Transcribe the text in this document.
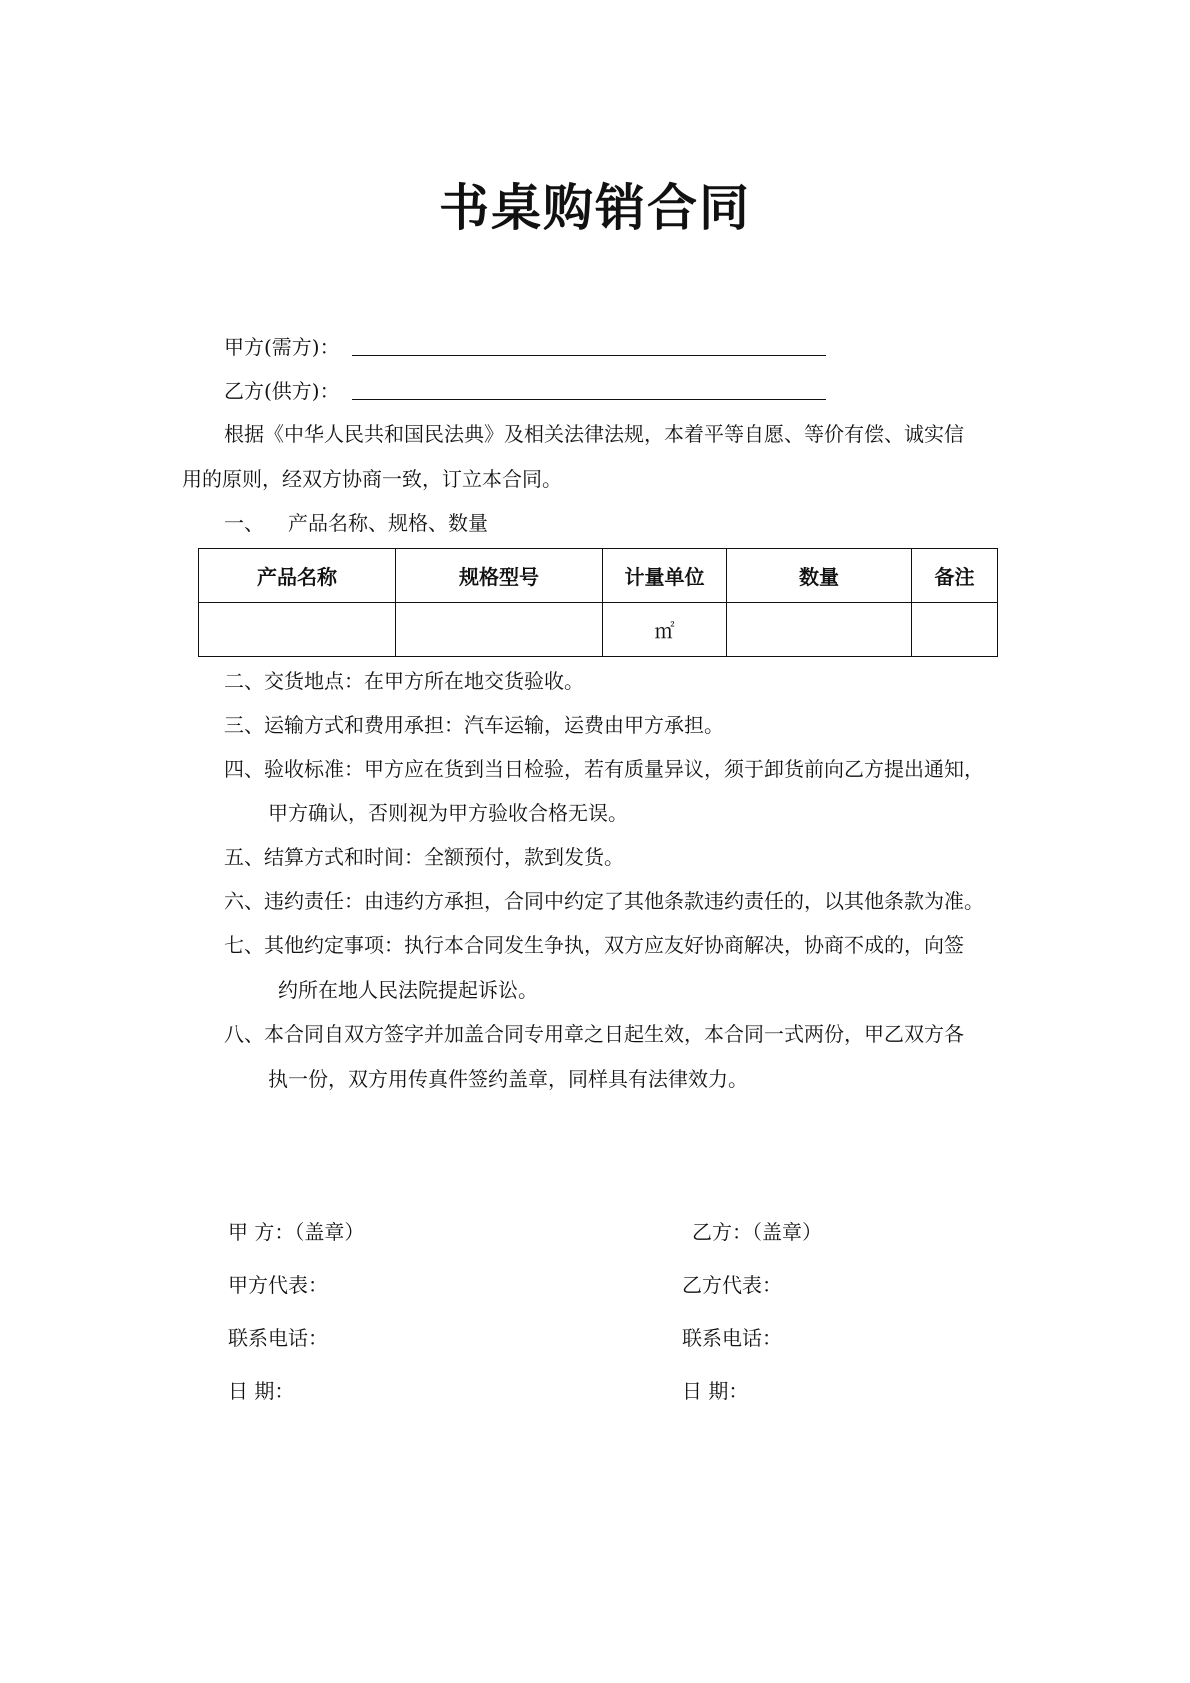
书桌购销合同
甲方(需方)：
乙方(供方)：
根据《中华人民共和国民法典》及相关法律法规，本着平等自愿、等价有偿、诚实信
用的原则，经双方协商一致，订立本合同。
一、 产品名称、规格、数量
产品名称	规格型号	计量单位	数量	备注
		㎡		
二、交货地点：在甲方所在地交货验收。
三、运输方式和费用承担：汽车运输，运费由甲方承担。
四、验收标准：甲方应在货到当日检验，若有质量异议，须于卸货前向乙方提出通知，
甲方确认，否则视为甲方验收合格无误。
五、结算方式和时间：全额预付，款到发货。
六、违约责任：由违约方承担，合同中约定了其他条款违约责任的，以其他条款为准。
七、其他约定事项：执行本合同发生争执，双方应友好协商解决，协商不成的，向签
约所在地人民法院提起诉讼。
八、本合同自双方签字并加盖合同专用章之日起生效，本合同一式两份，甲乙双方各
执一份，双方用传真件签约盖章，同样具有法律效力。
甲 方：（盖章）
甲方代表：
联系电话：
日 期：
乙方：（盖章）
乙方代表：
联系电话：
日 期：
